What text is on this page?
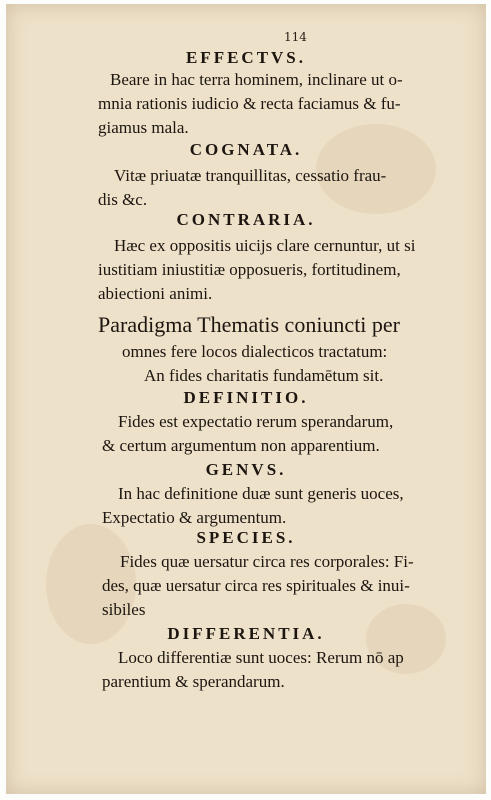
114
EFFECTVS.
Beare in hac terra hominem, inclinare ut o-
mnia rationis iudicio & recta faciamus & fu-
giamus mala.
COGNATA.
Vitæ priuatæ tranquillitas, cessatio frau-
dis &c.
CONTRARIA.
Hæc ex oppositis uicijs clare cernuntur, ut si
iustitiam iniustitiæ opposueris, fortitudinem,
abiectioni animi.
Paradigma Thematis coniuncti per
omnes fere locos dialecticos tractatum:
An fides charitatis fundamētum sit.
DEFINITIO.
Fides est expectatio rerum sperandarum,
& certum argumentum non apparentium.
GENVS.
In hac definitione duæ sunt generis uoces,
Expectatio & argumentum.
SPECIES.
Fides quæ uersatur circa res corporales: Fi-
des, quæ uersatur circa res spirituales & inui-
sibiles
DIFFERENTIA.
Loco differentiæ sunt uoces: Rerum nō ap
parentium & sperandarum.
